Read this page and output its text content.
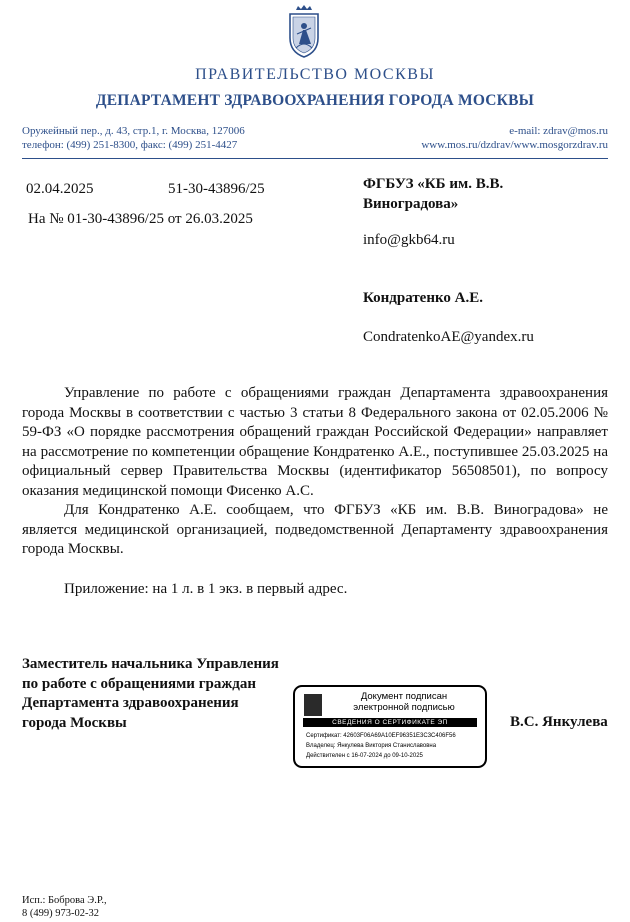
ПРАВИТЕЛЬСТВО МОСКВЫ
ДЕПАРТАМЕНТ ЗДРАВООХРАНЕНИЯ ГОРОДА МОСКВЫ
Оружейный пер., д. 43, стр.1, г. Москва, 127006
телефон: (499) 251-8300, факс: (499) 251-4427
e-mail: zdrav@mos.ru
www.mos.ru/dzdrav/www.mosgorzdrav.ru
02.04.2025	51-30-43896/25
На № 01-30-43896/25 от 26.03.2025
ФГБУЗ «КБ им. В.В.
Виноградова»
info@gkb64.ru
Кондратенко А.Е.
CondratenkoAE@yandex.ru

Управление по работе с обращениями граждан Департамента здравоохранения города Москвы в соответствии с частью 3 статьи 8 Федерального закона от 02.05.2006 № 59-ФЗ «О порядке рассмотрения обращений граждан Российской Федерации» направляет на рассмотрение по компетенции обращение Кондратенко А.Е., поступившее 25.03.2025 на официальный сервер Правительства Москвы (идентификатор 56508501), по вопросу оказания медицинской помощи Фисенко А.С.

Для Кондратенко А.Е. сообщаем, что ФГБУЗ «КБ им. В.В. Виноградова» не является медицинской организацией, подведомственной Департаменту здравоохранения города Москвы.

Приложение: на 1 л. в 1 экз. в первый адрес.

Заместитель начальника Управления
по работе с обращениями граждан
Департамента здравоохранения
города Москвы
Документ подписан
электронной подписью
СВЕДЕНИЯ О СЕРТИФИКАТЕ ЭП
Сертификат: 42603F06A69A10EF96351E3C3C406F56
Владелец: Янкулева Виктория Станиславовна
Действителен с 16-07-2024 до 09-10-2025
В.С. Янкулева
Исп.: Боброва Э.Р.,
8 (499) 973-02-32
